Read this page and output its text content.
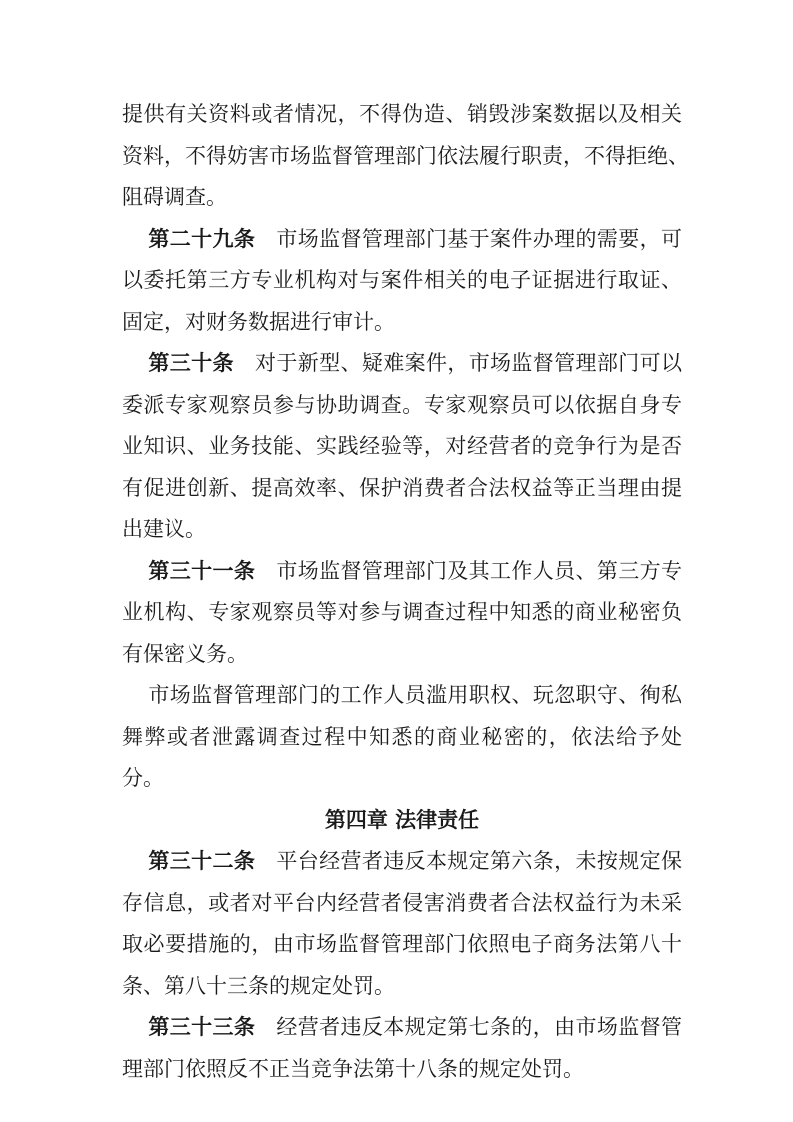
提供有关资料或者情况，不得伪造、销毁涉案数据以及相关
资料，不得妨害市场监督管理部门依法履行职责，不得拒绝、
阻碍调查。
第二十九条 市场监督管理部门基于案件办理的需要，可
以委托第三方专业机构对与案件相关的电子证据进行取证、
固定，对财务数据进行审计。
第三十条 对于新型、疑难案件，市场监督管理部门可以
委派专家观察员参与协助调查。专家观察员可以依据自身专
业知识、业务技能、实践经验等，对经营者的竞争行为是否
有促进创新、提高效率、保护消费者合法权益等正当理由提
出建议。
第三十一条 市场监督管理部门及其工作人员、第三方专
业机构、专家观察员等对参与调查过程中知悉的商业秘密负
有保密义务。
市场监督管理部门的工作人员滥用职权、玩忽职守、徇私
舞弊或者泄露调查过程中知悉的商业秘密的，依法给予处
分。
第四章 法律责任
第三十二条 平台经营者违反本规定第六条，未按规定保
存信息，或者对平台内经营者侵害消费者合法权益行为未采
取必要措施的，由市场监督管理部门依照电子商务法第八十
条、第八十三条的规定处罚。
第三十三条 经营者违反本规定第七条的，由市场监督管
理部门依照反不正当竞争法第十八条的规定处罚。
